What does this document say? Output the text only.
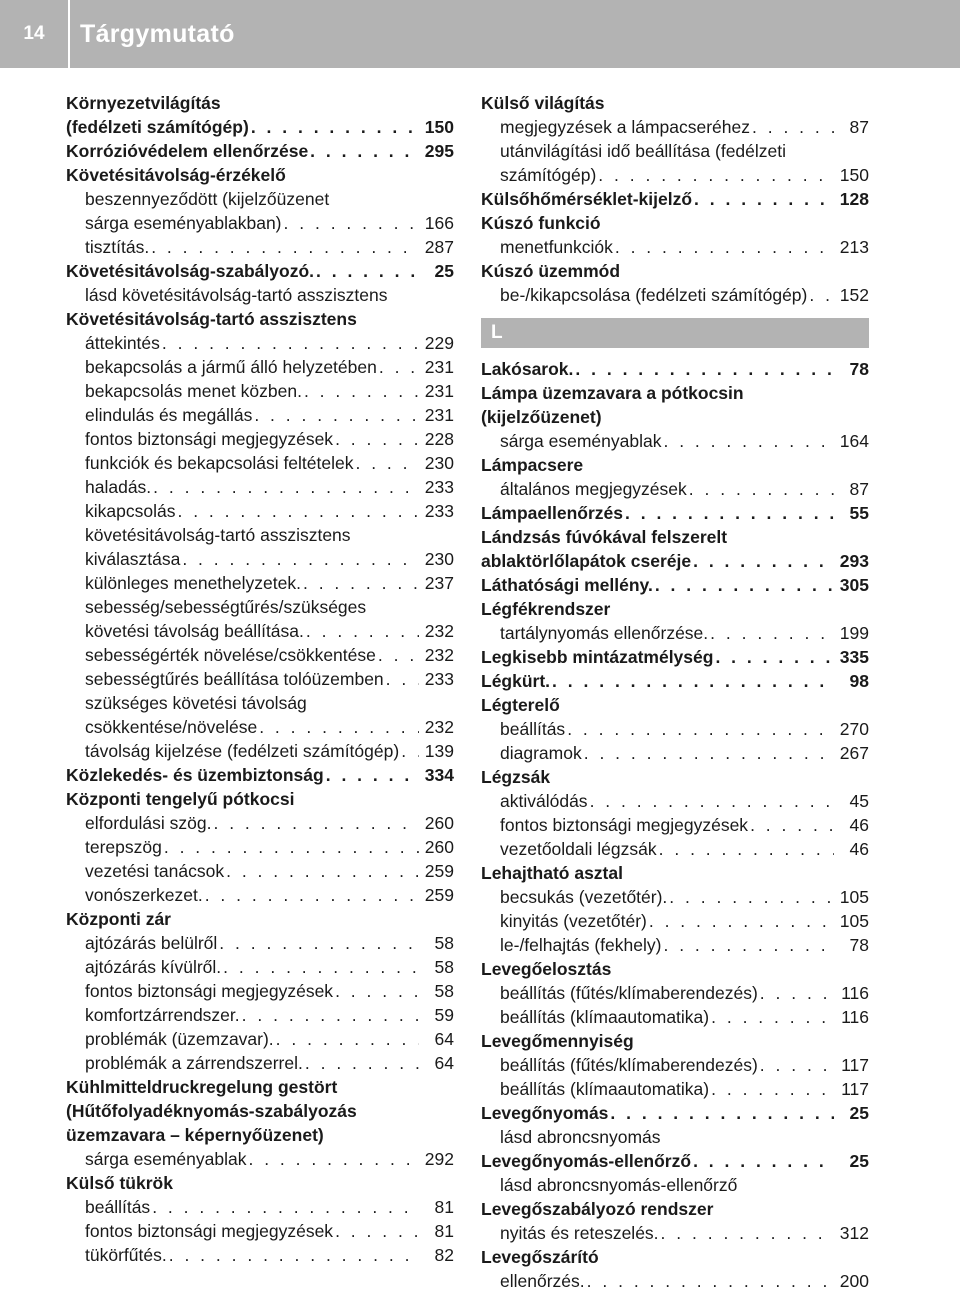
14	Tárgymutató
Környezetvilágítás
(fedélzeti számítógép) . . .	150
Korrózióvédelem ellenőrzése . . .	295
Követésitávolság-érzékelő
beszennyeződött (kijelzőüzenet
sárga eseményablakban) . . .	166
tisztítás. . . .	287
Követésitávolság-szabályozó. . . .	25
lásd követésitávolság-tartó asszisztens
Követésitávolság-tartó asszisztens
áttekintés . . .	229
bekapcsolás a jármű álló helyzetében . . .	231
bekapcsolás menet közben. . . .	231
elindulás és megállás . . .	231
fontos biztonsági megjegyzések . . .	228
funkciók és bekapcsolási feltételek . . .	230
haladás. . . .	233
kikapcsolás . . .	233
követésitávolság-tartó asszisztens
kiválasztása . . .	230
különleges menethelyzetek. . . .	237
sebesség/sebességtűrés/szükséges
követési távolság beállítása. . . .	232
sebességérték növelése/csökkentése . . .	232
sebességtűrés beállítása tolóüzemben . . . 233
szükséges követési távolság
csökkentése/növelése . . .	232
távolság kijelzése (fedélzeti számítógép) . . . 139
Közlekedés- és üzembiztonság . . .	334
Központi tengelyű pótkocsi
elfordulási szög. . . .	260
terepszög . . .	260
vezetési tanácsok . . .	259
vonószerkezet. . . .	259
Központi zár
ajtózárás belülről . . .	58
ajtózárás kívülről. . . .	58
fontos biztonsági megjegyzések . . .	58
komfortzárrendszer. . . .	59
problémák (üzemzavar). . . .	64
problémák a zárrendszerrel. . . .	64
Kühlmitteldruckregelung gestört
(Hűtőfolyadéknyomás-szabályozás
üzemzavara – képernyőüzenet)
sárga eseményablak . . .	292
Külső tükrök
beállítás . . .	81
fontos biztonsági megjegyzések . . .	81
tükörfűtés. . . .	82
Külső világítás
megjegyzések a lámpacseréhez . . .	87
utánvilágítási idő beállítása (fedélzeti
számítógép) . . .	150
Külsőhőmérséklet-kijelző . . .	128
Kúszó funkció
menetfunkciók . . .	213
Kúszó üzemmód
be-/kikapcsolása (fedélzeti számítógép) . . . 152
L
Lakósarok. . . .	78
Lámpa üzemzavara a pótkocsin
(kijelzőüzenet)
sárga eseményablak . . .	164
Lámpacsere
általános megjegyzések . . .	87
Lámpaellenőrzés . . .	55
Lándzsás fúvókával felszerelt
ablaktörlőlapátok cseréje . . .	293
Láthatósági mellény. . . .	305
Légfékrendszer
tartálynyomás ellenőrzése. . . .	199
Legkisebb mintázatmélység . . .	335
Légkürt. . . .	98
Légterelő
beállítás . . .	270
diagramok . . .	267
Légzsák
aktiválódás . . .	45
fontos biztonsági megjegyzések . . .	46
vezetőoldali légzsák . . .	46
Lehajtható asztal
becsukás (vezetőtér). . . .	105
kinyitás (vezetőtér) . . .	105
le-/felhajtás (fekhely) . . .	78
Levegőelosztás
beállítás (fűtés/klímaberendezés) . . .	116
beállítás (klímaautomatika) . . .	116
Levegőmennyiség
beállítás (fűtés/klímaberendezés) . . .	117
beállítás (klímaautomatika) . . .	117
Levegőnyomás . . .	25
lásd abroncsnyomás
Levegőnyomás-ellenőrző . . .	25
lásd abroncsnyomás-ellenőrző
Levegőszabályozó rendszer
nyitás és reteszelés. . . .	312
Levegőszárító
ellenőrzés. . . .	200
